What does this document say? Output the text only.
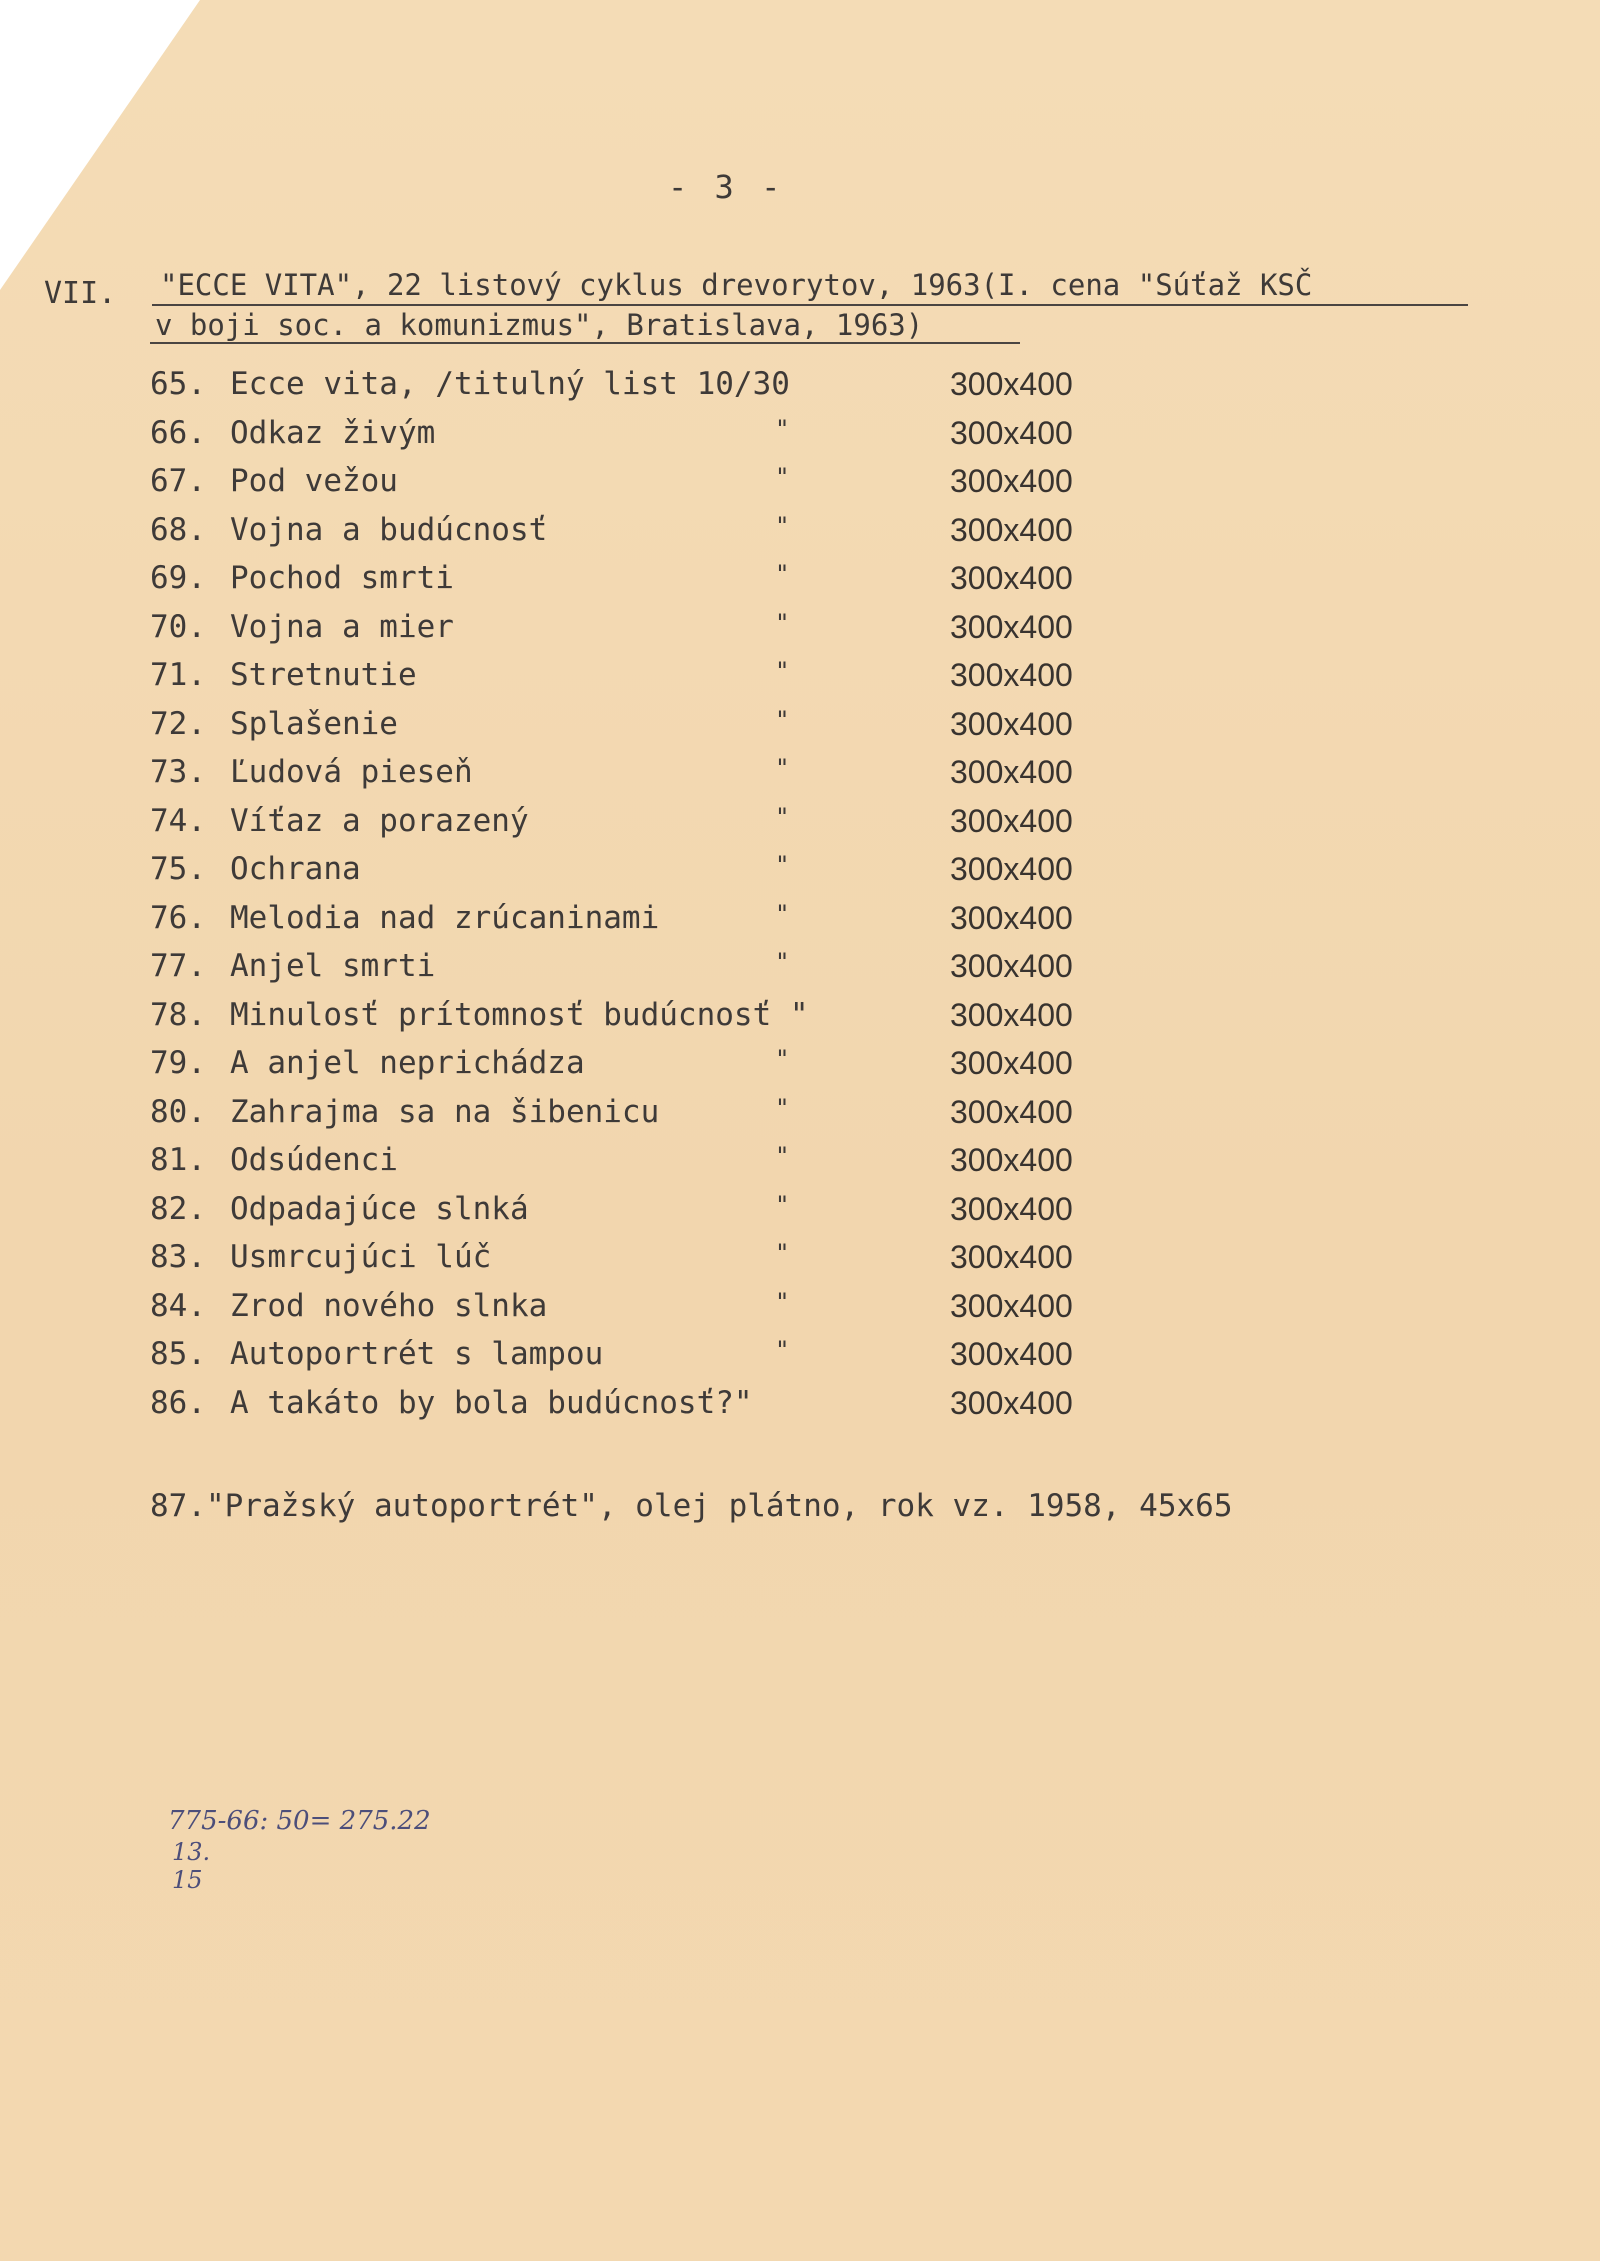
- 3 -
VII. "ECCE VITA", 22 listový cyklus drevorytov, 1963(I. cena "Súťaž KSČ
v boji soc. a komunizmus", Bratislava, 1963)
65. Ecce vita, /titulný list 10/30	300x400
66. Odkaz živým	"	300x400
67. Pod vežou	"	300x400
68. Vojna a budúcnosť	"	300x400
69. Pochod smrti	"	300x400
70. Vojna a mier	"	300x400
71. Stretnutie	"	300x400
72. Splašenie	"	300x400
73. Ľudová pieseň	"	300x400
74. Víťaz a porazený	"	300x400
75. Ochrana	"	300x400
76. Melodia nad zrúcaninami	"	300x400
77. Anjel smrti	"	300x400
78. Minulosť prítomnosť budúcnosť "	300x400
79. A anjel neprichádza	"	300x400
80. Zahrajma sa na šibenicu	"	300x400
81. Odsúdenci	"	300x400
82. Odpadajúce slnká	"	300x400
83. Usmrcujúci lúč	"	300x400
84. Zrod nového slnka	"	300x400
85. Autoportrét s lampou	"	300x400
86. A takáto by bola budúcnosť?"	300x400
87."Pražský autoportrét", olej plátno, rok vz. 1958, 45x65
775-66: 50= 275.22
13.
15
